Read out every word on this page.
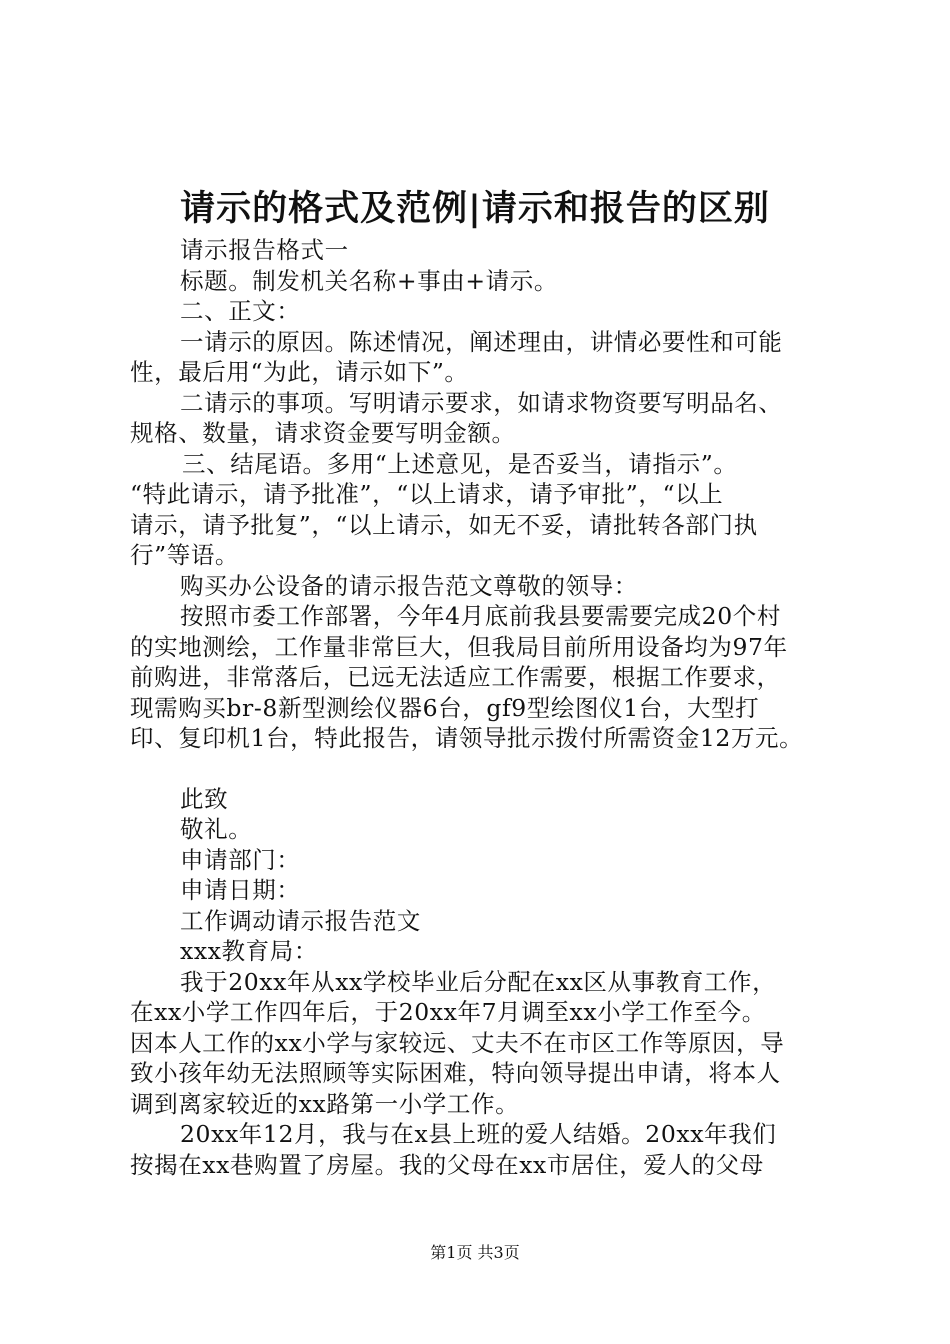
请示的格式及范例|请示和报告的区别
请示报告格式一
标题。制发机关名称+事由+请示。
二、正文：
一请示的原因。陈述情况，阐述理由，讲情必要性和可能
性，最后用“为此，请示如下”。
二请示的事项。写明请示要求，如请求物资要写明品名、
规格、数量，请求资金要写明金额。
三、结尾语。多用“上述意见，是否妥当，请指示”。
“特此请示，请予批准”，“以上请求，请予审批”，“以上
请示，请予批复”，“以上请示，如无不妥，请批转各部门执
行”等语。
购买办公设备的请示报告范文尊敬的领导：
按照市委工作部署，今年4月底前我县要需要完成20个村
的实地测绘，工作量非常巨大，但我局目前所用设备均为97年
前购进，非常落后，已远无法适应工作需要，根据工作要求，
现需购买br-8新型测绘仪器6台，gf9型绘图仪1台，大型打
印、复印机1台，特此报告，请领导批示拨付所需资金12万元。
此致
敬礼。
申请部门：
申请日期：
工作调动请示报告范文
xxx教育局：
我于20xx年从xx学校毕业后分配在xx区从事教育工作，
在xx小学工作四年后，于20xx年7月调至xx小学工作至今。
因本人工作的xx小学与家较远、丈夫不在市区工作等原因，导
致小孩年幼无法照顾等实际困难，特向领导提出申请，将本人
调到离家较近的xx路第一小学工作。
20xx年12月，我与在x县上班的爱人结婚。20xx年我们
按揭在xx巷购置了房屋。我的父母在xx市居住，爱人的父母
第1页 共3页
